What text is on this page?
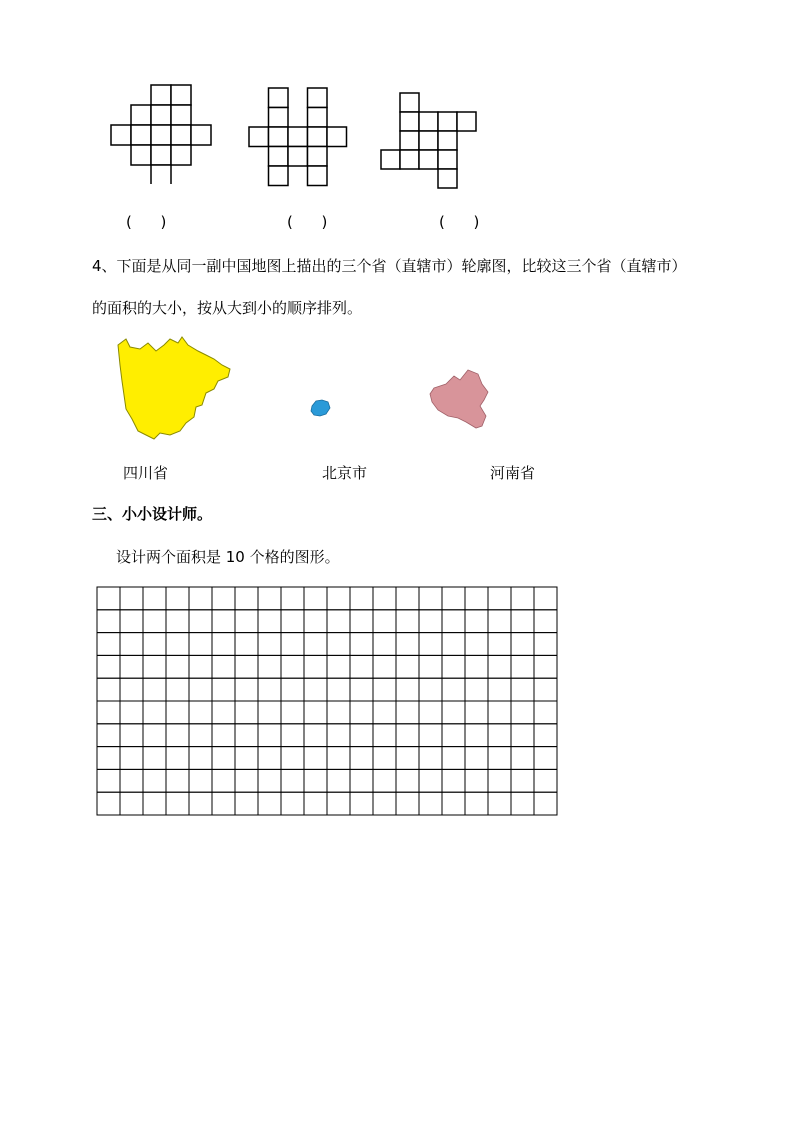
(      )	(      )	(      )
4、下面是从同一副中国地图上描出的三个省（直辖市）轮廓图，比较这三个省（直辖市）
的面积的大小，按从大到小的顺序排列。
四川省	北京市	河南省
三、小小设计师。
设计两个面积是 10 个格的图形。
